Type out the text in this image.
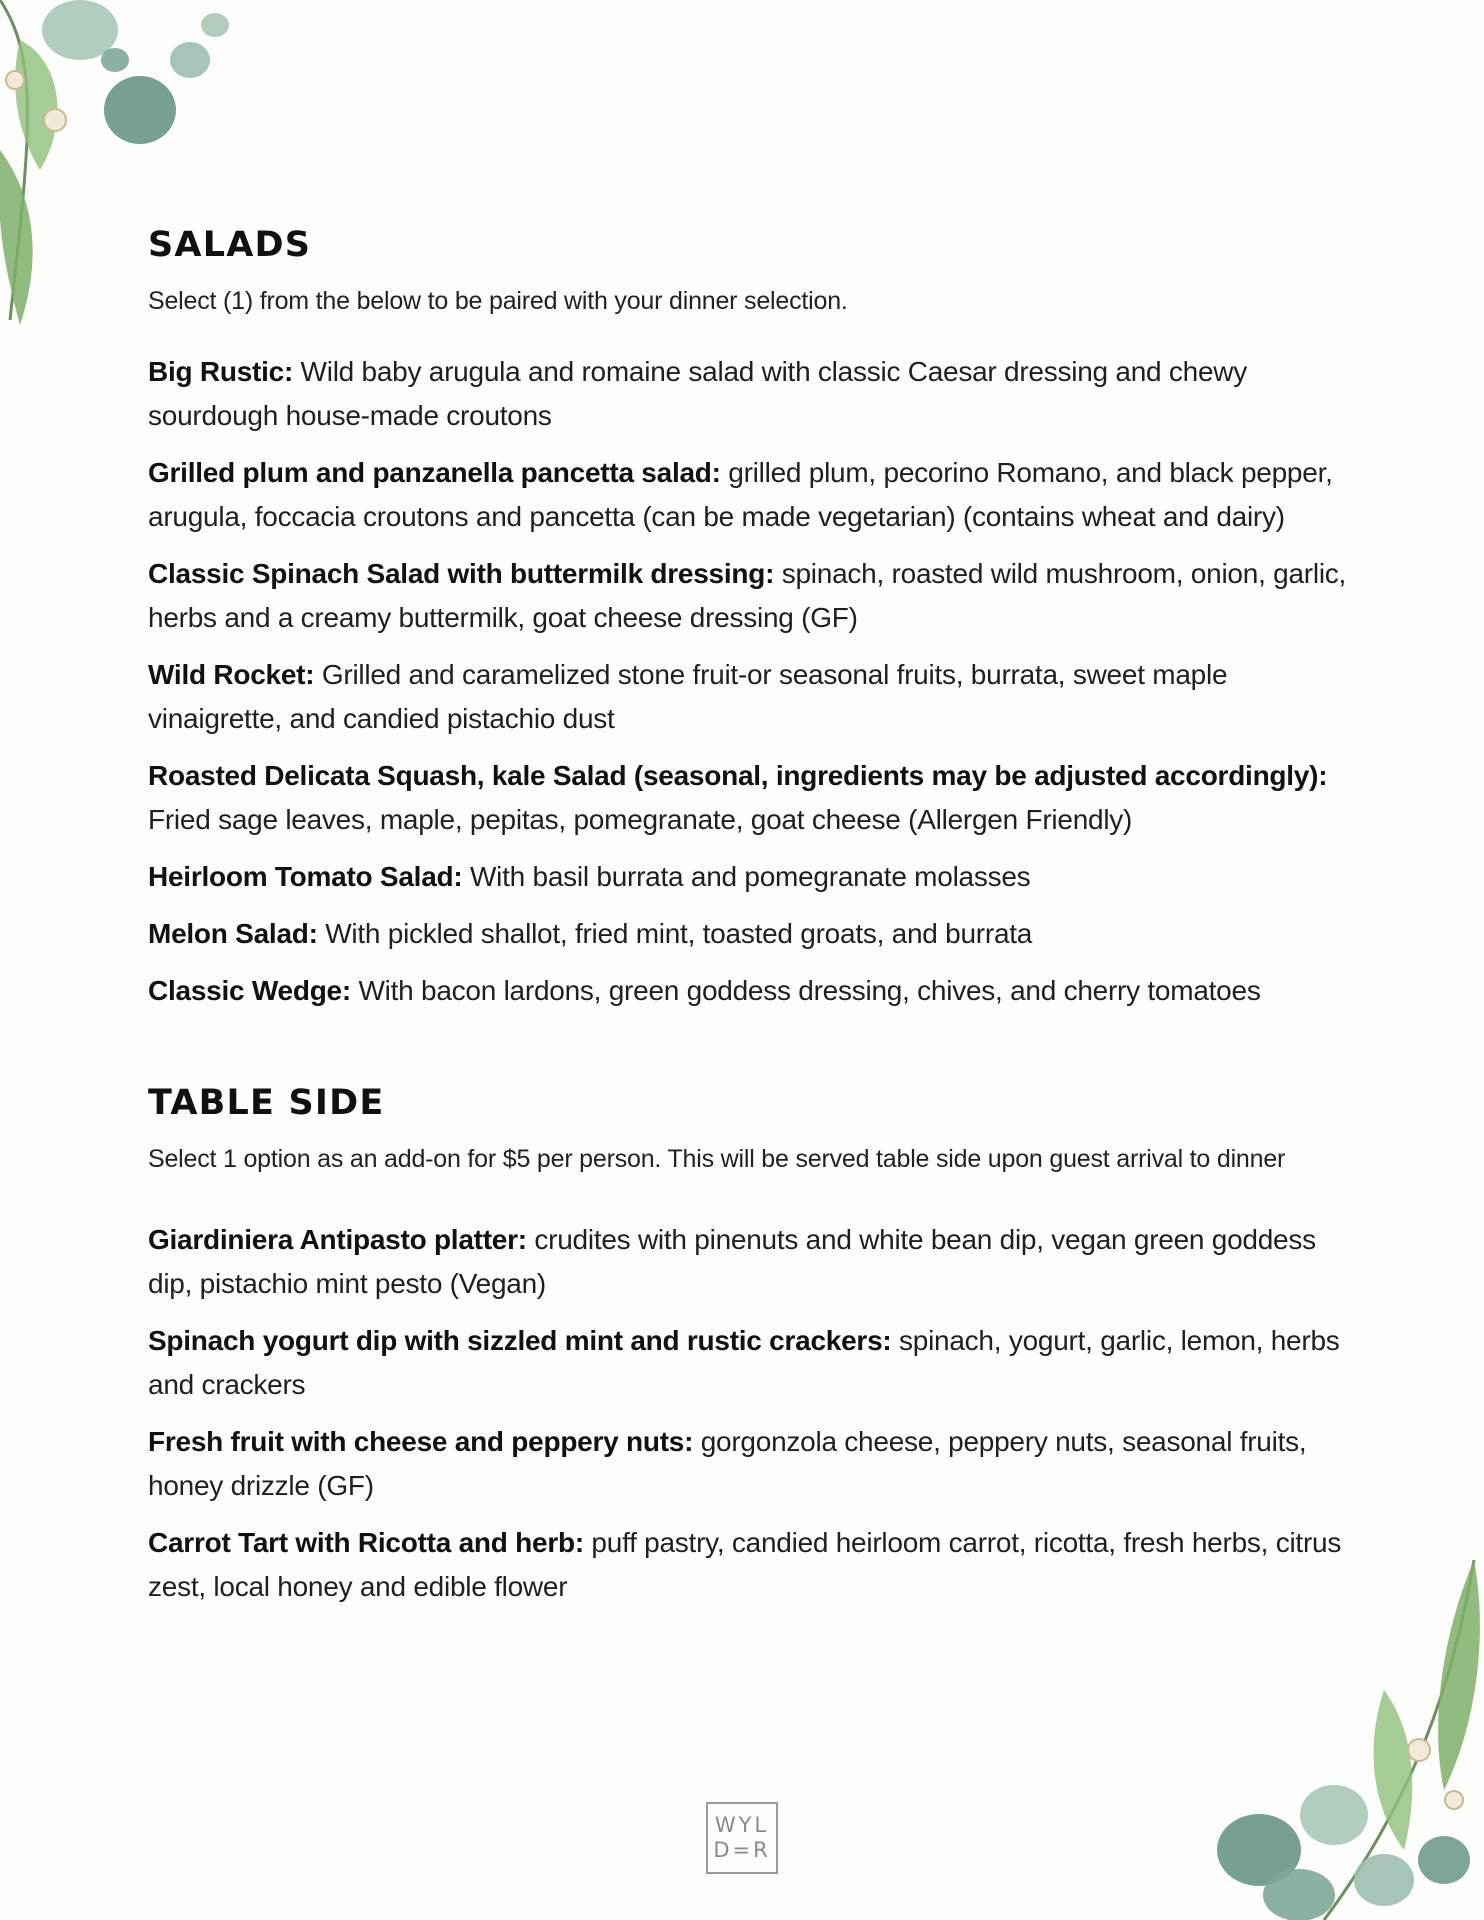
SALADS

Select (1) from the below to be paired with your dinner selection.

Big Rustic: Wild baby arugula and romaine salad with classic Caesar dressing and chewy sourdough house-made croutons

Grilled plum and panzanella pancetta salad: grilled plum, pecorino Romano, and black pepper, arugula, foccacia croutons and pancetta (can be made vegetarian) (contains wheat and dairy)

Classic Spinach Salad with buttermilk dressing: spinach, roasted wild mushroom, onion, garlic, herbs and a creamy buttermilk, goat cheese dressing (GF)

Wild Rocket: Grilled and caramelized stone fruit-or seasonal fruits, burrata, sweet maple vinaigrette, and candied pistachio dust

Roasted Delicata Squash, kale Salad (seasonal, ingredients may be adjusted accordingly): Fried sage leaves, maple, pepitas, pomegranate, goat cheese (Allergen Friendly)

Heirloom Tomato Salad: With basil burrata and pomegranate molasses

Melon Salad: With pickled shallot, fried mint, toasted groats, and burrata

Classic Wedge: With bacon lardons, green goddess dressing, chives, and cherry tomatoes

TABLE SIDE

Select 1 option as an add-on for $5 per person. This will be served table side upon guest arrival to dinner

Giardiniera Antipasto platter: crudites with pinenuts and white bean dip, vegan green goddess dip, pistachio mint pesto (Vegan)

Spinach yogurt dip with sizzled mint and rustic crackers: spinach, yogurt, garlic, lemon, herbs and crackers

Fresh fruit with cheese and peppery nuts: gorgonzola cheese, peppery nuts, seasonal fruits, honey drizzle (GF)

Carrot Tart with Ricotta and herb: puff pastry, candied heirloom carrot, ricotta, fresh herbs, citrus zest, local honey and edible flower

WYL
D=R
